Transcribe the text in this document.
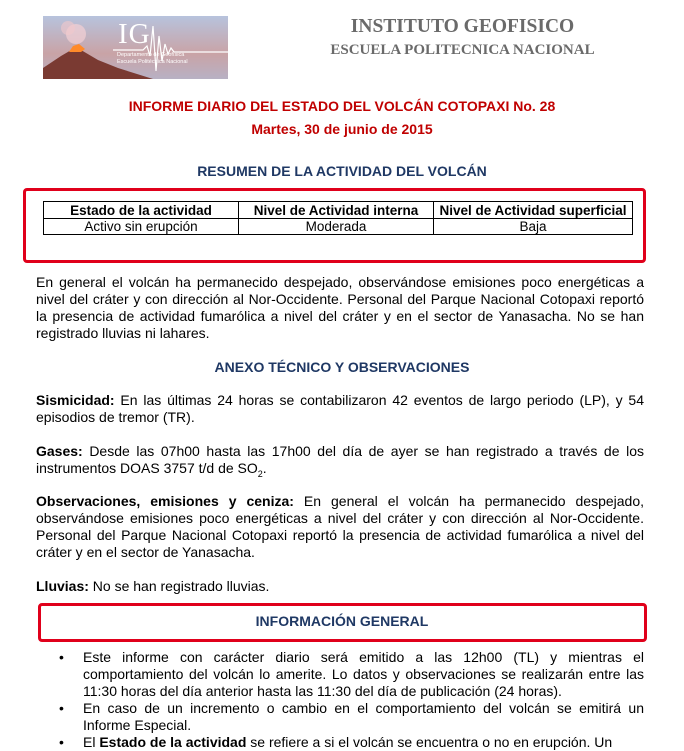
IG
Departamento de Geofísica
Escuela Politécnica Nacional
INSTITUTO GEOFISICO
ESCUELA POLITECNICA NACIONAL
INFORME DIARIO DEL ESTADO DEL VOLCÁN COTOPAXI No. 28
Martes, 30 de junio de 2015
RESUMEN DE LA ACTIVIDAD DEL VOLCÁN
Estado de la actividad	Nivel de Actividad interna	Nivel de Actividad superficial
Activo sin erupción	Moderada	Baja
En general el volcán ha permanecido despejado, observándose emisiones poco energéticas a nivel del cráter y con dirección al Nor-Occidente. Personal del Parque Nacional Cotopaxi reportó la presencia de actividad fumarólica a nivel del cráter y en el sector de Yanasacha. No se han registrado lluvias ni lahares.
ANEXO TÉCNICO Y OBSERVACIONES
Sismicidad: En las últimas 24 horas se contabilizaron 42 eventos de largo periodo (LP), y 54 episodios de tremor (TR).
Gases: Desde las 07h00 hasta las 17h00 del día de ayer se han registrado a través de los instrumentos DOAS 3757 t/d de $SO_2$.
Observaciones, emisiones y ceniza: En general el volcán ha permanecido despejado, observándose emisiones poco energéticas a nivel del cráter y con dirección al Nor-Occidente. Personal del Parque Nacional Cotopaxi reportó la presencia de actividad fumarólica a nivel del cráter y en el sector de Yanasacha.
Lluvias: No se han registrado lluvias.
INFORMACIÓN GENERAL
• Este informe con carácter diario será emitido a las 12h00 (TL) y mientras el comportamiento del volcán lo amerite. Lo datos y observaciones se realizarán entre las 11:30 horas del día anterior hasta las 11:30 del día de publicación (24 horas).
• En caso de un incremento o cambio en el comportamiento del volcán se emitirá un Informe Especial.
• El Estado de la actividad se refiere a si el volcán se encuentra o no en erupción. Un
